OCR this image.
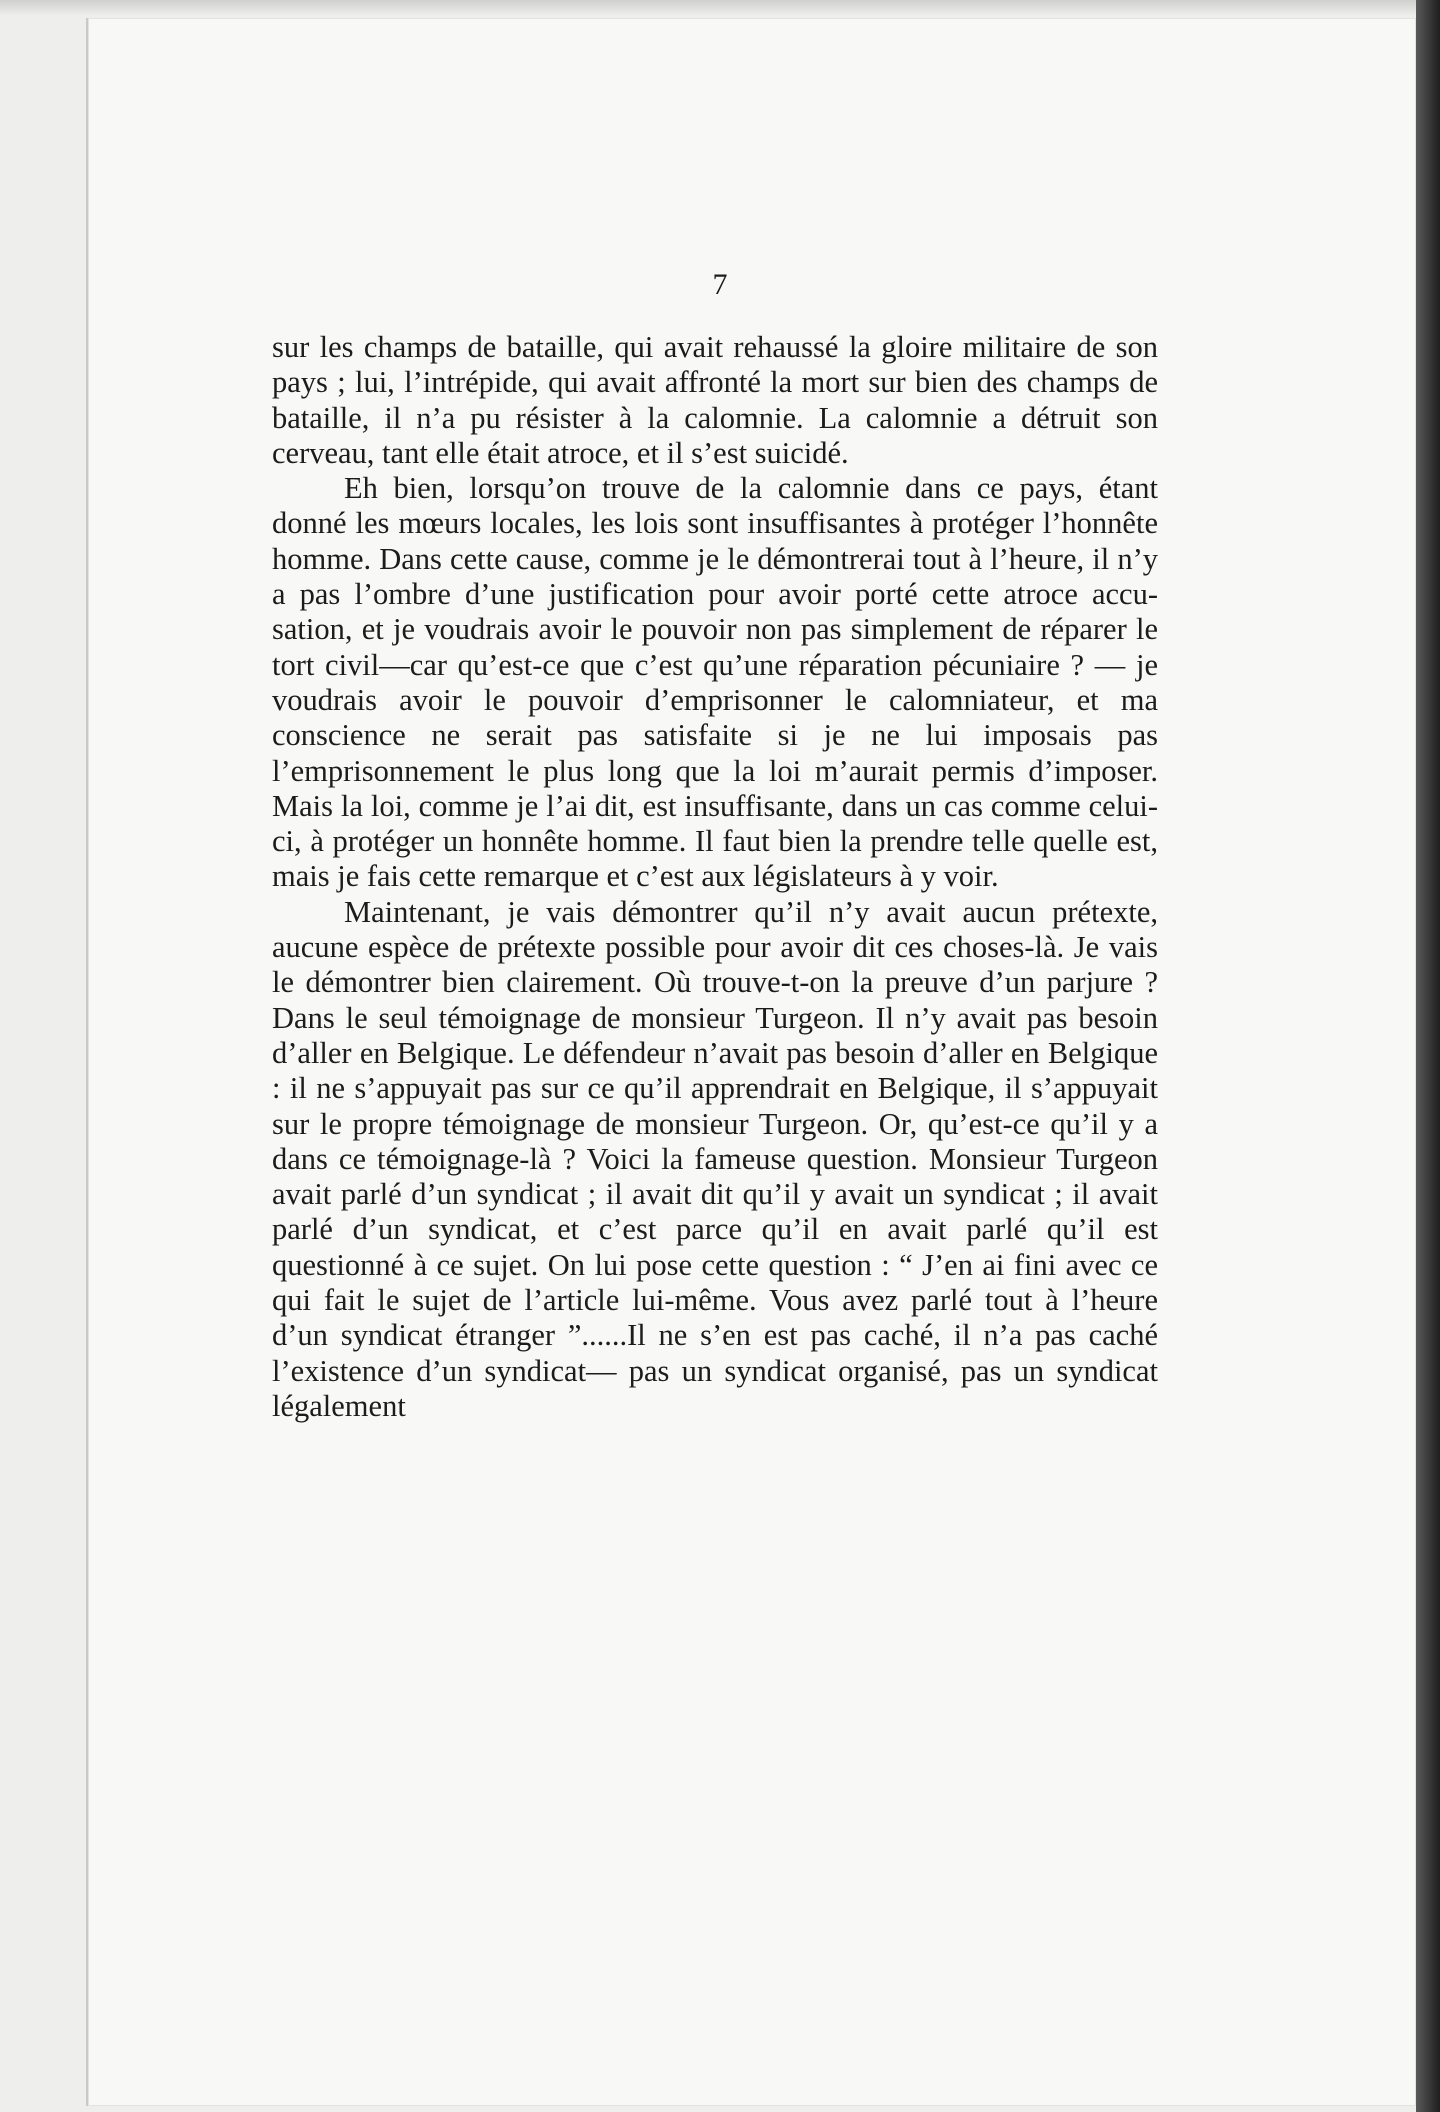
7

sur les champs de bataille, qui avait rehaussé la gloire militaire de son pays ; lui, l’intrépide, qui avait affronté la mort sur bien des champs de bataille, il n’a pu résister à la calomnie. La calomnie a détruit son cerveau, tant elle était atroce, et il s’est suicidé.

Eh bien, lorsqu’on trouve de la calomnie dans ce pays, étant donné les mœurs locales, les lois sont insuffisantes à protéger l’honnête homme. Dans cette cause, comme je le démontrerai tout à l’heure, il n’y a pas l’ombre d’une justification pour avoir porté cette atroce accusation, et je voudrais avoir le pouvoir non pas simplement de réparer le tort civil—car qu’est-ce que c’est qu’une réparation pécuniaire ? — je voudrais avoir le pouvoir d’emprisonner le calomniateur, et ma conscience ne serait pas satisfaite si je ne lui imposais pas l’emprisonnement le plus long que la loi m’aurait permis d’imposer. Mais la loi, comme je l’ai dit, est insuffisante, dans un cas comme celui-ci, à protéger un honnête homme. Il faut bien la prendre telle quelle est, mais je fais cette remarque et c’est aux législateurs à y voir.

Maintenant, je vais démontrer qu’il n’y avait aucun prétexte, aucune espèce de prétexte possible pour avoir dit ces choses-là. Je vais le démontrer bien clairement. Où trouve-t-on la preuve d’un parjure ? Dans le seul témoignage de monsieur Turgeon. Il n’y avait pas besoin d’aller en Belgique. Le défendeur n’avait pas besoin d’aller en Belgique : il ne s’appuyait pas sur ce qu’il apprendrait en Belgique, il s’appuyait sur le propre témoignage de monsieur Turgeon. Or, qu’est-ce qu’il y a dans ce témoignage-là ? Voici la fameuse question. Monsieur Turgeon avait parlé d’un syndicat ; il avait dit qu’il y avait un syndicat ; il avait parlé d’un syndicat, et c’est parce qu’il en avait parlé qu’il est questionné à ce sujet. On lui pose cette question : “ J’en ai fini avec ce qui fait le sujet de l’article lui-même. Vous avez parlé tout à l’heure d’un syndicat étranger ”......Il ne s’en est pas caché, il n’a pas caché l’existence d’un syndicat— pas un syndicat organisé, pas un syndicat légalement
